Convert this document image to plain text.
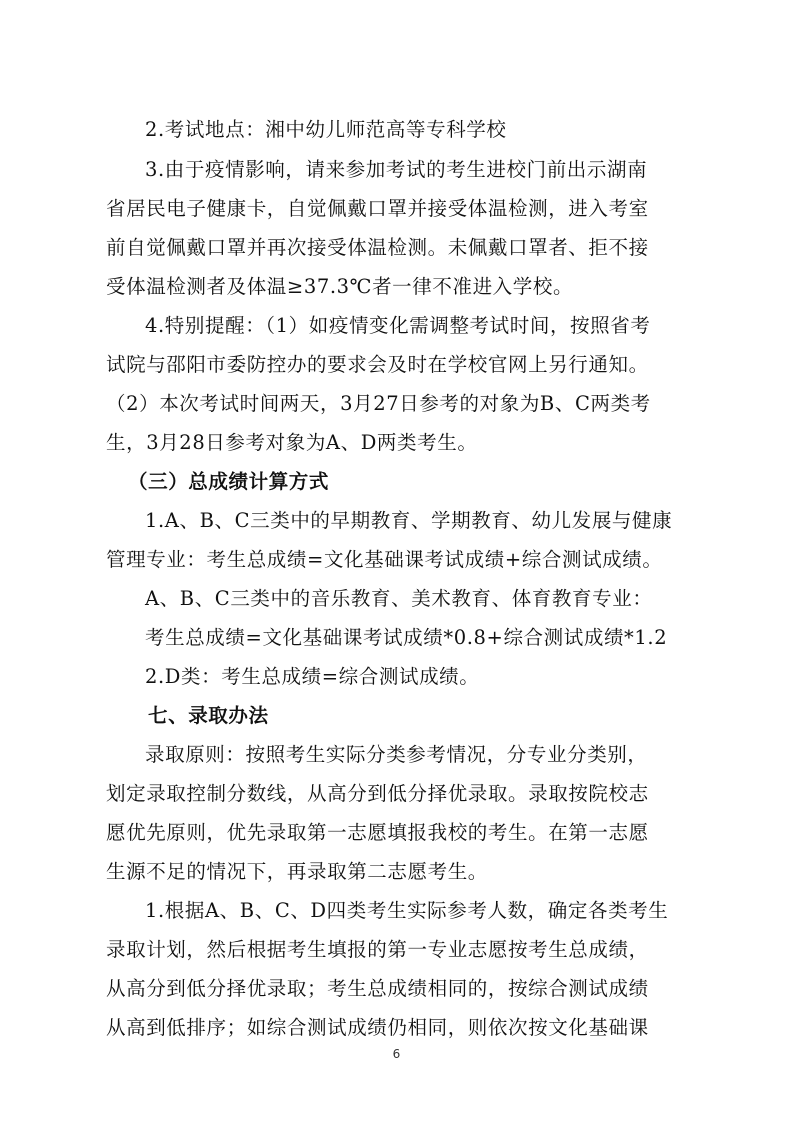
2.考试地点：湘中幼儿师范高等专科学校
3.由于疫情影响，请来参加考试的考生进校门前出示湖南
省居民电子健康卡，自觉佩戴口罩并接受体温检测，进入考室
前自觉佩戴口罩并再次接受体温检测。未佩戴口罩者、拒不接
受体温检测者及体温≥37.3℃者一律不准进入学校。
4.特别提醒：（1）如疫情变化需调整考试时间，按照省考
试院与邵阳市委防控办的要求会及时在学校官网上另行通知。
（2）本次考试时间两天，3月27日参考的对象为B、C两类考
生，3月28日参考对象为A、D两类考生。
（三）总成绩计算方式
1.A、B、C三类中的早期教育、学期教育、幼儿发展与健康
管理专业：考生总成绩=文化基础课考试成绩+综合测试成绩。
A、B、C三类中的音乐教育、美术教育、体育教育专业：
考生总成绩=文化基础课考试成绩*0.8+综合测试成绩*1.2
2.D类：考生总成绩=综合测试成绩。
七、录取办法
录取原则：按照考生实际分类参考情况，分专业分类别，
划定录取控制分数线，从高分到低分择优录取。录取按院校志
愿优先原则，优先录取第一志愿填报我校的考生。在第一志愿
生源不足的情况下，再录取第二志愿考生。
1.根据A、B、C、D四类考生实际参考人数，确定各类考生
录取计划，然后根据考生填报的第一专业志愿按考生总成绩，
从高分到低分择优录取；考生总成绩相同的，按综合测试成绩
从高到低排序；如综合测试成绩仍相同，则依次按文化基础课
6
